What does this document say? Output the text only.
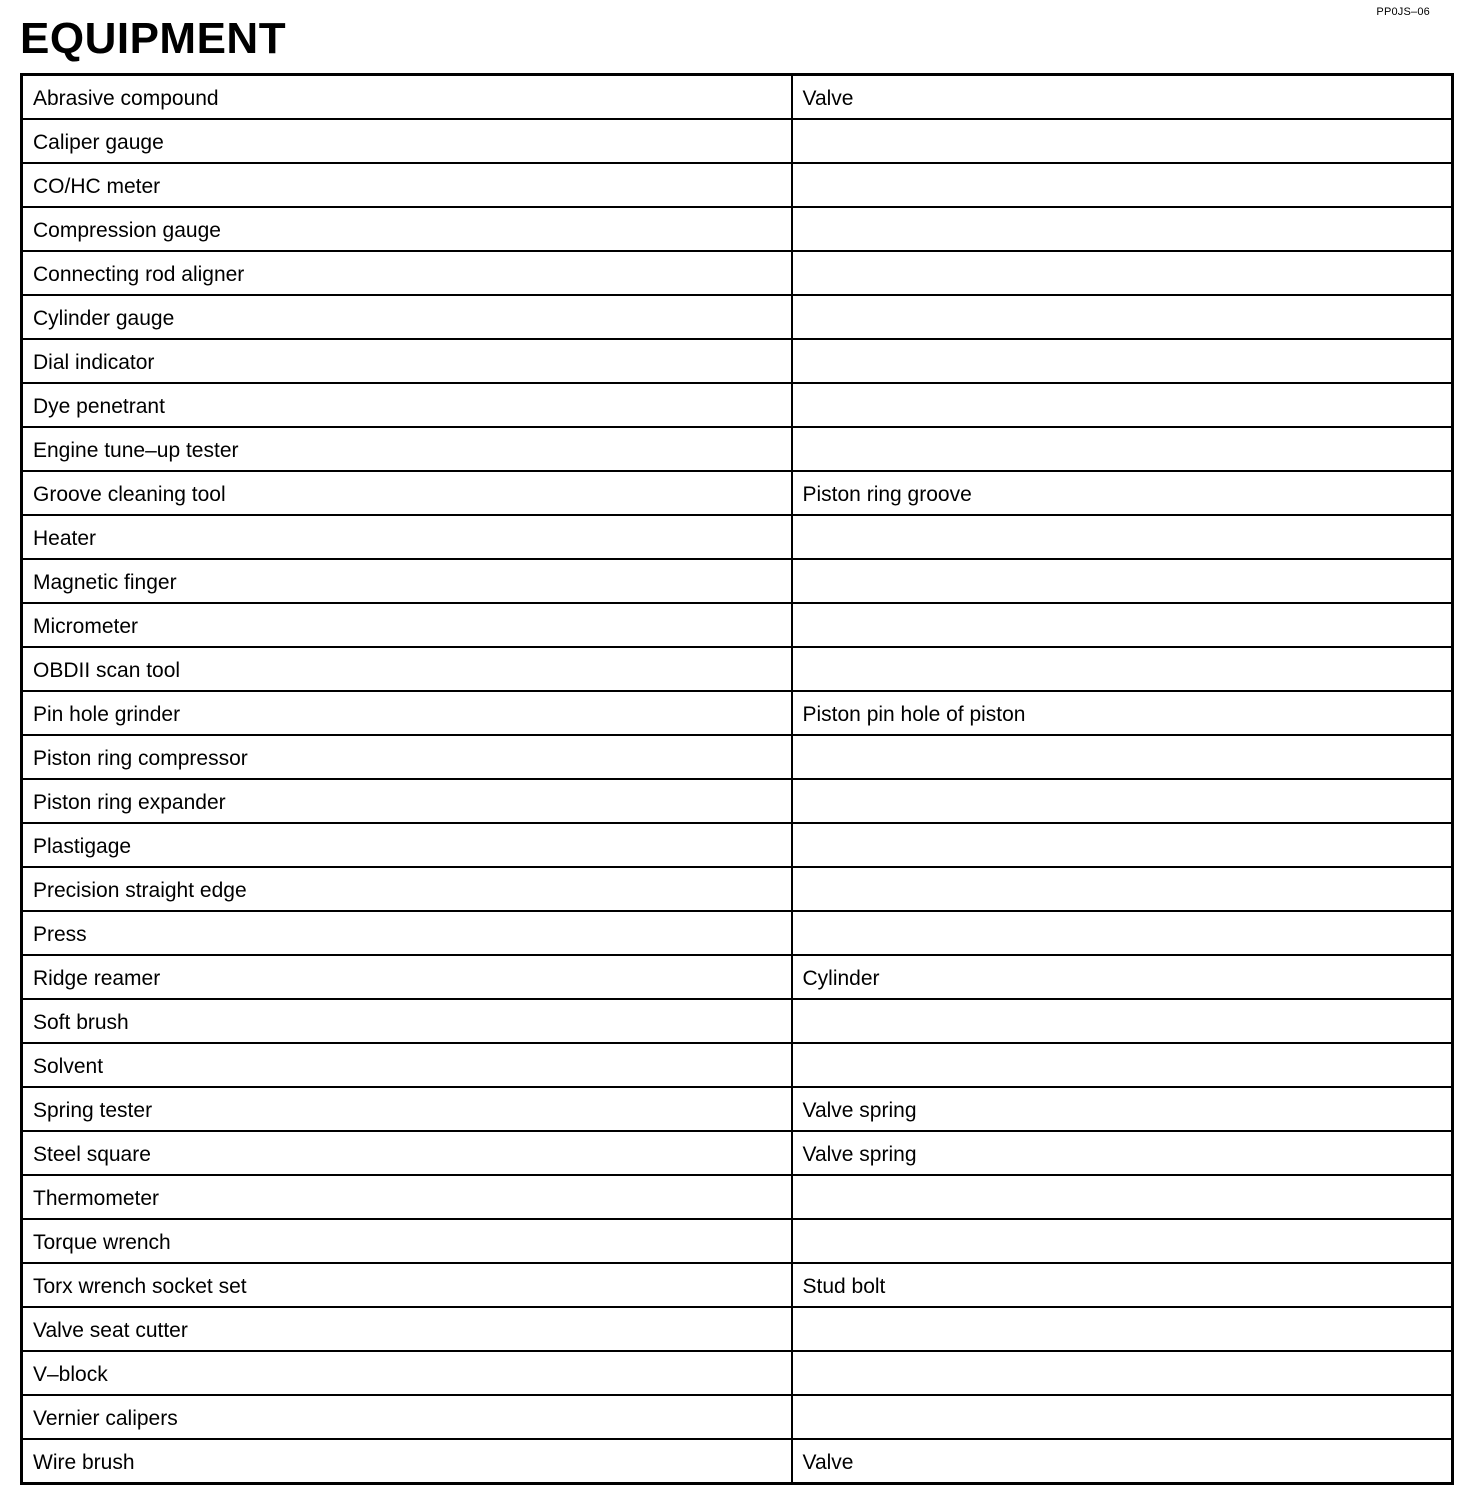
PP0JS–06
EQUIPMENT
Abrasive compound	Valve
Caliper gauge	
CO/HC meter	
Compression gauge	
Connecting rod aligner	
Cylinder gauge	
Dial indicator	
Dye penetrant	
Engine tune–up tester	
Groove cleaning tool	Piston ring groove
Heater	
Magnetic finger	
Micrometer	
OBDII scan tool	
Pin hole grinder	Piston pin hole of piston
Piston ring compressor	
Piston ring expander	
Plastigage	
Precision straight edge	
Press	
Ridge reamer	Cylinder
Soft brush	
Solvent	
Spring tester	Valve spring
Steel square	Valve spring
Thermometer	
Torque wrench	
Torx wrench socket set	Stud bolt
Valve seat cutter	
V–block	
Vernier calipers	
Wire brush	Valve
